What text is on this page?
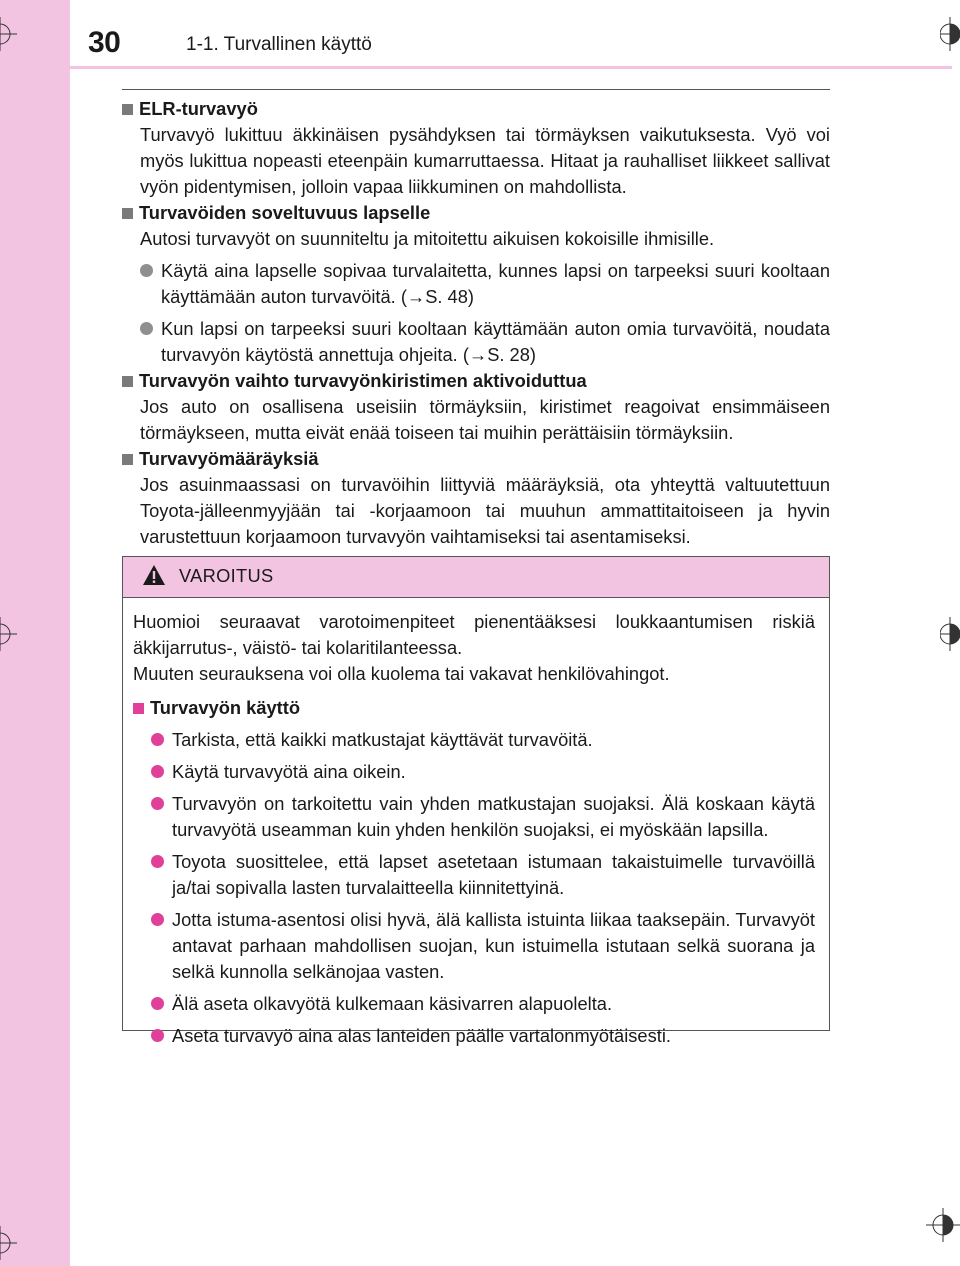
30	1-1. Turvallinen käyttö

ELR-turvavyö

Turvavyö lukittuu äkkinäisen pysähdyksen tai törmäyksen vaikutuksesta. Vyö voi myös lukittua nopeasti eteenpäin kumarruttaessa. Hitaat ja rauhalliset liikkeet sallivat vyön pidentymisen, jolloin vapaa liikkuminen on mahdollista.

Turvavöiden soveltuvuus lapselle

Autosi turvavyöt on suunniteltu ja mitoitettu aikuisen kokoisille ihmisille.

Käytä aina lapselle sopivaa turvalaitetta, kunnes lapsi on tarpeeksi suuri kooltaan käyttämään auton turvavöitä. (→S. 48)
Kun lapsi on tarpeeksi suuri kooltaan käyttämään auton omia turvavöitä, noudata turvavyön käytöstä annettuja ohjeita. (→S. 28)

Turvavyön vaihto turvavyönkiristimen aktivoiduttua

Jos auto on osallisena useisiin törmäyksiin, kiristimet reagoivat ensimmäiseen törmäykseen, mutta eivät enää toiseen tai muihin perättäisiin törmäyksiin.

Turvavyömääräyksiä

Jos asuinmaassasi on turvavöihin liittyviä määräyksiä, ota yhteyttä valtuutettuun Toyota-jälleenmyyjään tai -korjaamoon tai muuhun ammattitaitoiseen ja hyvin varustettuun korjaamoon turvavyön vaihtamiseksi tai asentamiseksi.

VAROITUS

Huomioi seuraavat varotoimenpiteet pienentääksesi loukkaantumisen riskiä äkkijarrutus-, väistö- tai kolaritilanteessa.

Muuten seurauksena voi olla kuolema tai vakavat henkilövahingot.

Turvavyön käyttö

Tarkista, että kaikki matkustajat käyttävät turvavöitä.
Käytä turvavyötä aina oikein.
Turvavyön on tarkoitettu vain yhden matkustajan suojaksi. Älä koskaan käytä turvavyötä useamman kuin yhden henkilön suojaksi, ei myöskään lapsilla.
Toyota suosittelee, että lapset asetetaan istumaan takaistuimelle turvavöillä ja/tai sopivalla lasten turvalaitteella kiinnitettyinä.
Jotta istuma-asentosi olisi hyvä, älä kallista istuinta liikaa taaksepäin. Turvavyöt antavat parhaan mahdollisen suojan, kun istuimella istutaan selkä suorana ja selkä kunnolla selkänojaa vasten.
Älä aseta olkavyötä kulkemaan käsivarren alapuolelta.
Aseta turvavyö aina alas lanteiden päälle vartalonmyötäisesti.
